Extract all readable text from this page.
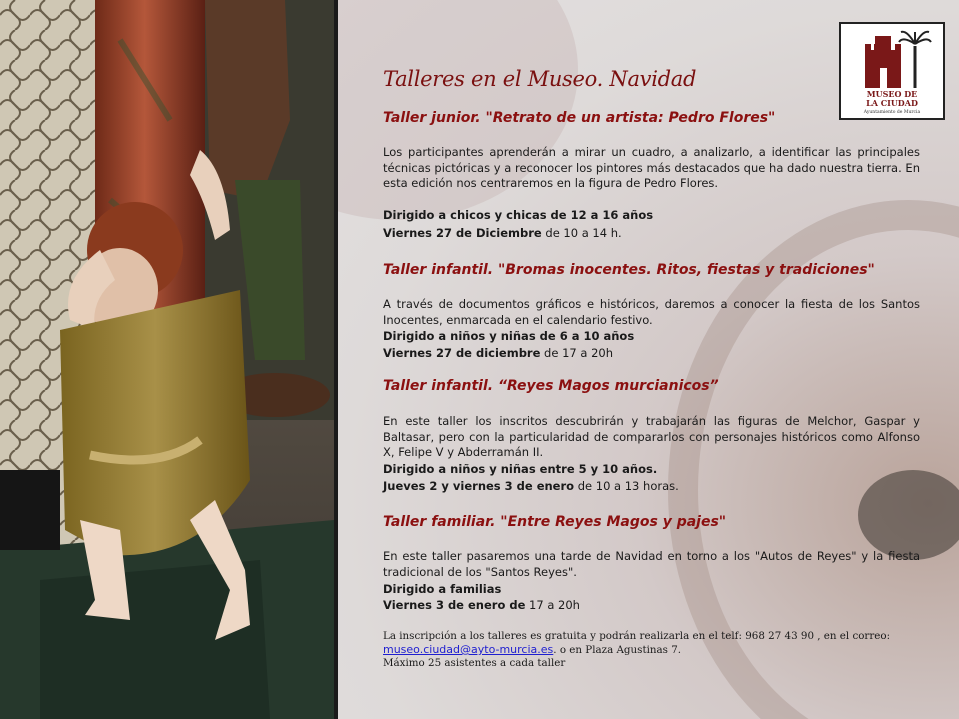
MUSEO DE
LA CIUDAD
Ayuntamiento de Murcia
Talleres en el Museo. Navidad
Taller junior. "Retrato de un artista: Pedro Flores"
Los participantes aprenderán a mirar un cuadro, a analizarlo, a identificar las principales técnicas pictóricas y a reconocer los pintores más destacados que ha dado nuestra tierra. En esta edición nos centraremos en la figura de Pedro Flores.
Dirigido a chicos y chicas de 12 a 16 años
Viernes 27 de Diciembre de 10 a 14 h.
Taller infantil. "Bromas inocentes. Ritos, fiestas y tradiciones"
A través de documentos gráficos e históricos, daremos a conocer la fiesta de los Santos Inocentes, enmarcada en el calendario festivo.
Dirigido a niños y niñas de 6 a 10 años
Viernes 27 de diciembre de 17 a 20h
Taller infantil. “Reyes Magos murcianicos”
En este taller los inscritos descubrirán y trabajarán las figuras de Melchor, Gaspar y Baltasar, pero con la particularidad de compararlos con personajes históricos como Alfonso X, Felipe V y Abderramán II.
Dirigido a niños y niñas entre 5 y 10 años.
Jueves 2 y viernes 3 de enero de 10 a 13 horas.
Taller familiar. "Entre Reyes Magos y pajes"
En este taller pasaremos una tarde de Navidad en torno a los "Autos de Reyes" y la fiesta tradicional de los "Santos Reyes".
Dirigido a familias
Viernes 3 de enero de 17 a 20h
La inscripción a los talleres es gratuita y podrán realizarla en el telf: 968 27 43 90 , en el correo:
museo.ciudad@ayto-murcia.es. o en Plaza Agustinas 7.
Máximo 25 asistentes a cada taller
